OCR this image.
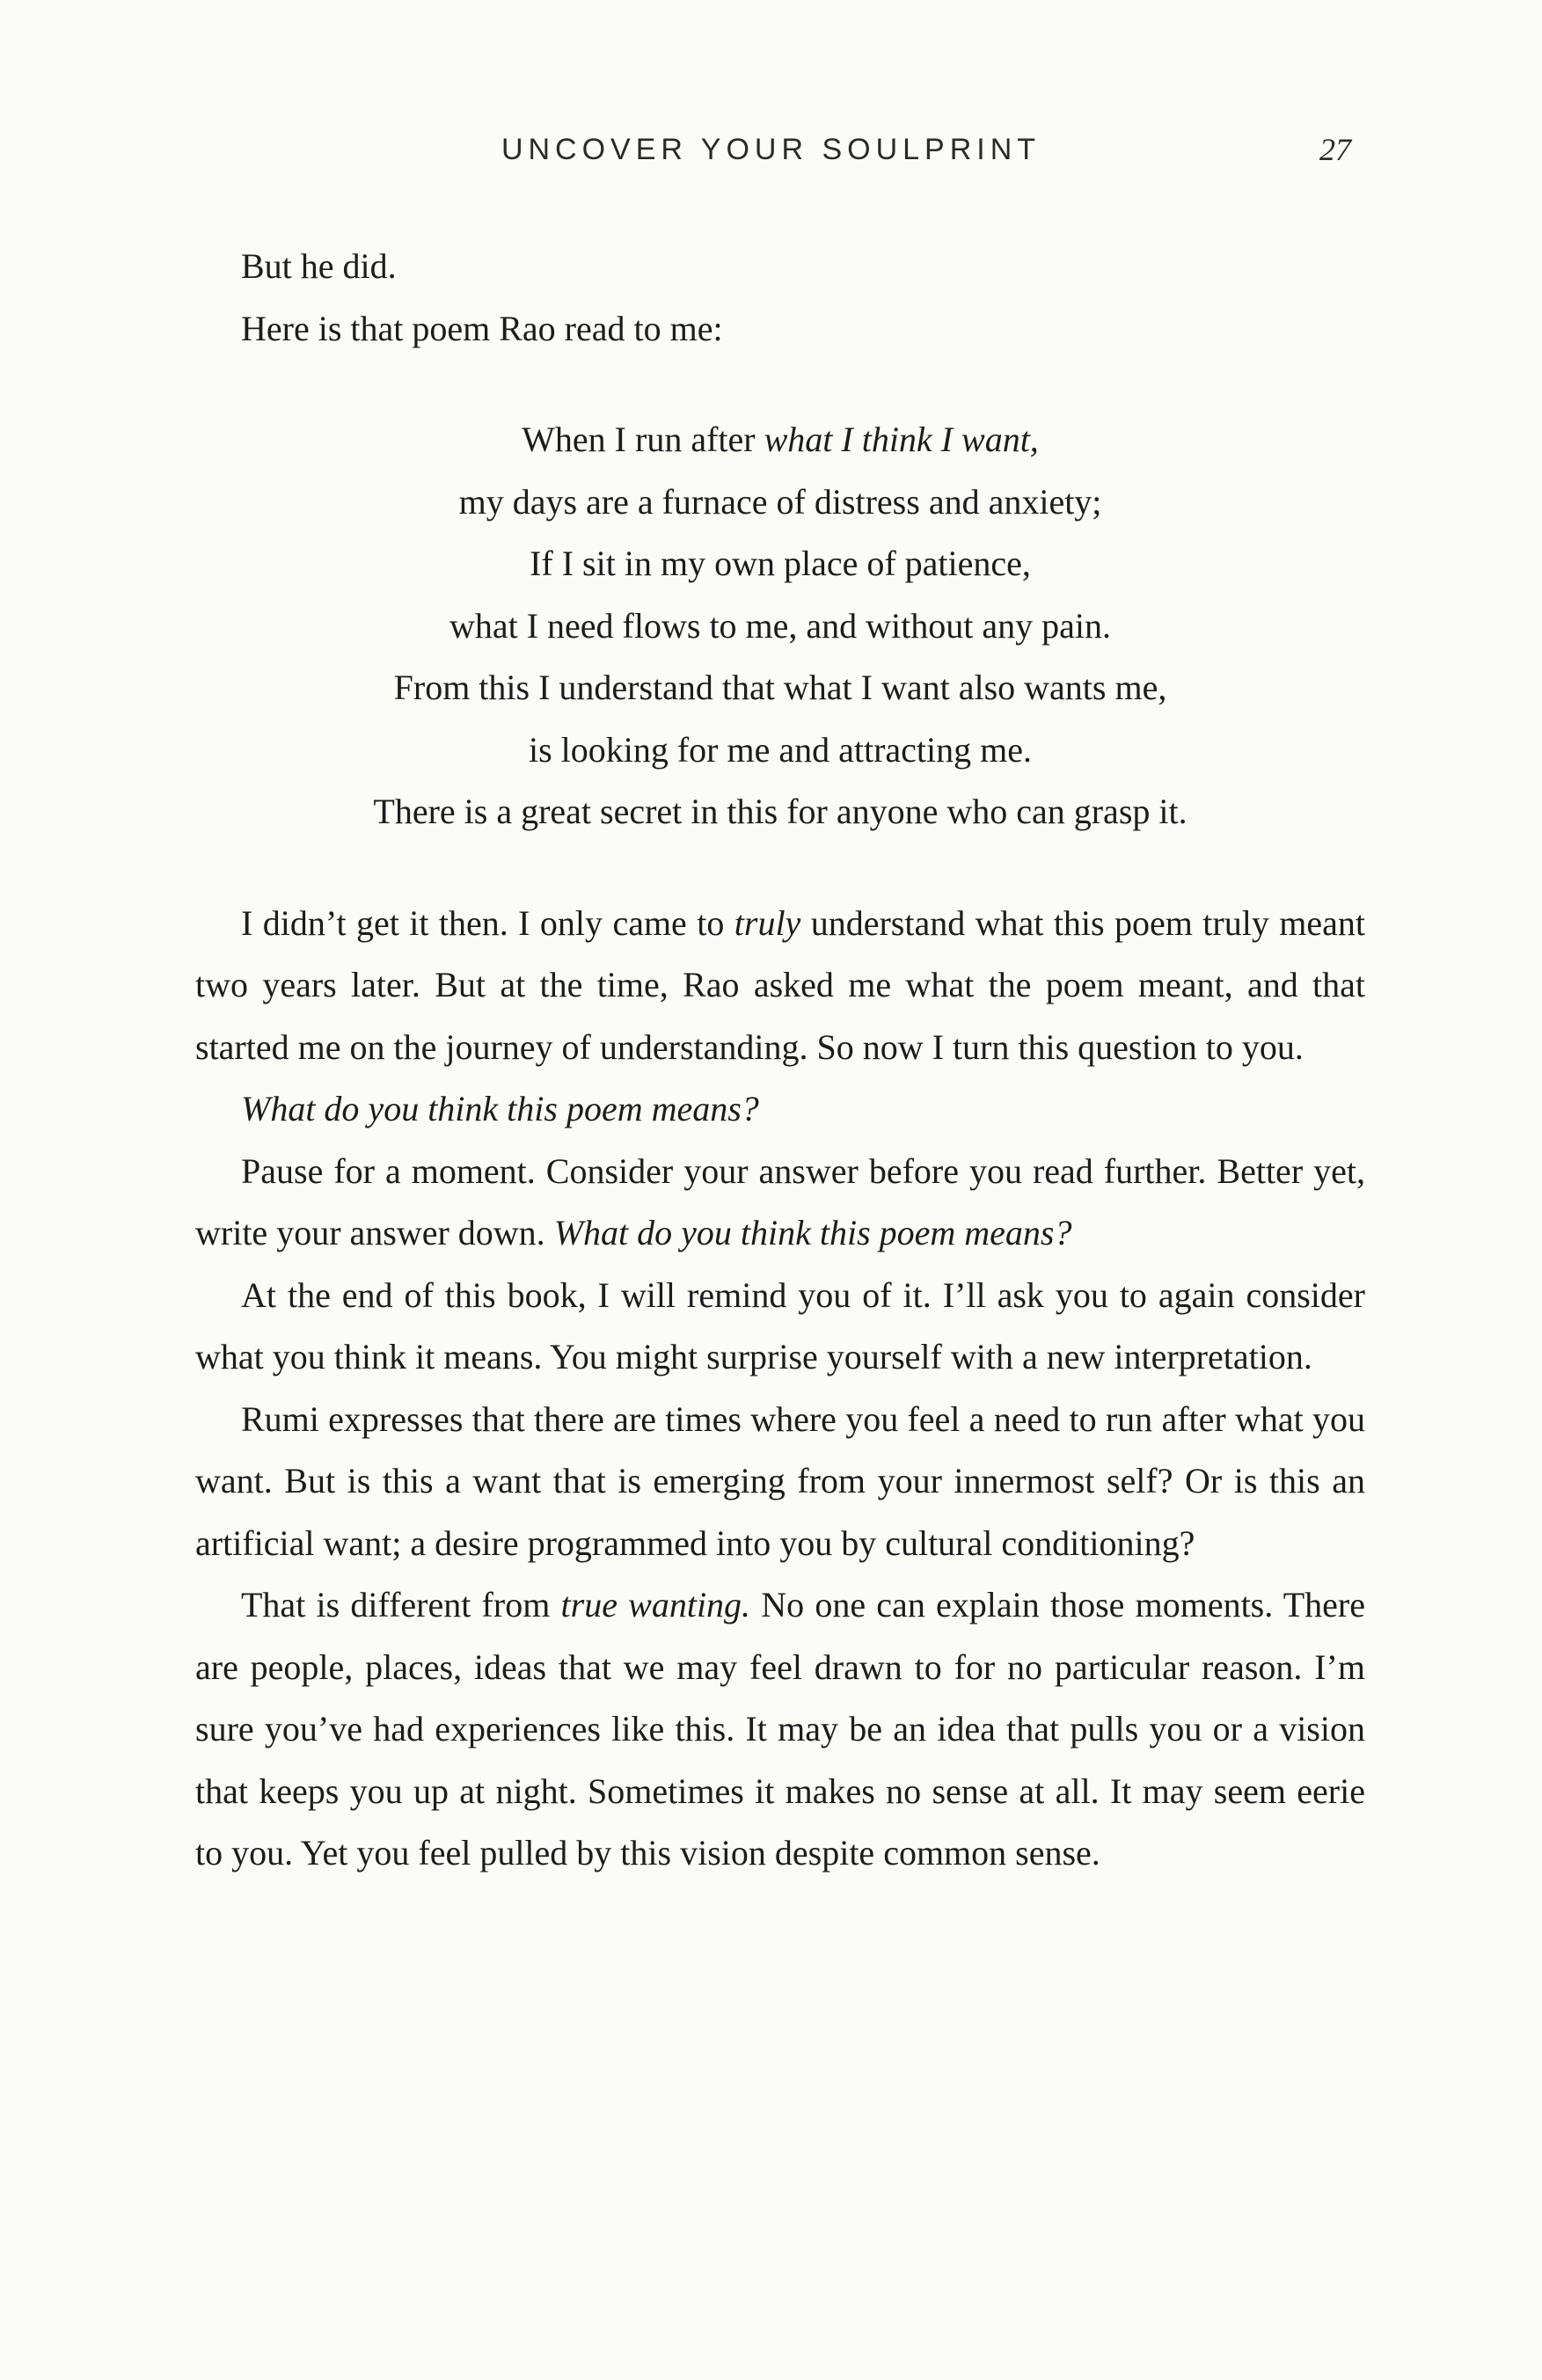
UNCOVER YOUR SOULPRINT	27

But he did.

Here is that poem Rao read to me:

When I run after what I think I want,
my days are a furnace of distress and anxiety;
If I sit in my own place of patience,
what I need flows to me, and without any pain.
From this I understand that what I want also wants me,
is looking for me and attracting me.
There is a great secret in this for anyone who can grasp it.

I didn’t get it then. I only came to truly understand what this poem truly meant two years later. But at the time, Rao asked me what the poem meant, and that started me on the journey of understanding. So now I turn this question to you.

What do you think this poem means?

Pause for a moment. Consider your answer before you read further. Better yet, write your answer down. What do you think this poem means?

At the end of this book, I will remind you of it. I’ll ask you to again consider what you think it means. You might surprise yourself with a new interpretation.

Rumi expresses that there are times where you feel a need to run after what you want. But is this a want that is emerging from your innermost self? Or is this an artificial want; a desire programmed into you by cultural conditioning?

That is different from true wanting. No one can explain those moments. There are people, places, ideas that we may feel drawn to for no particular reason. I’m sure you’ve had experiences like this. It may be an idea that pulls you or a vision that keeps you up at night. Sometimes it makes no sense at all. It may seem eerie to you. Yet you feel pulled by this vision despite common sense.
